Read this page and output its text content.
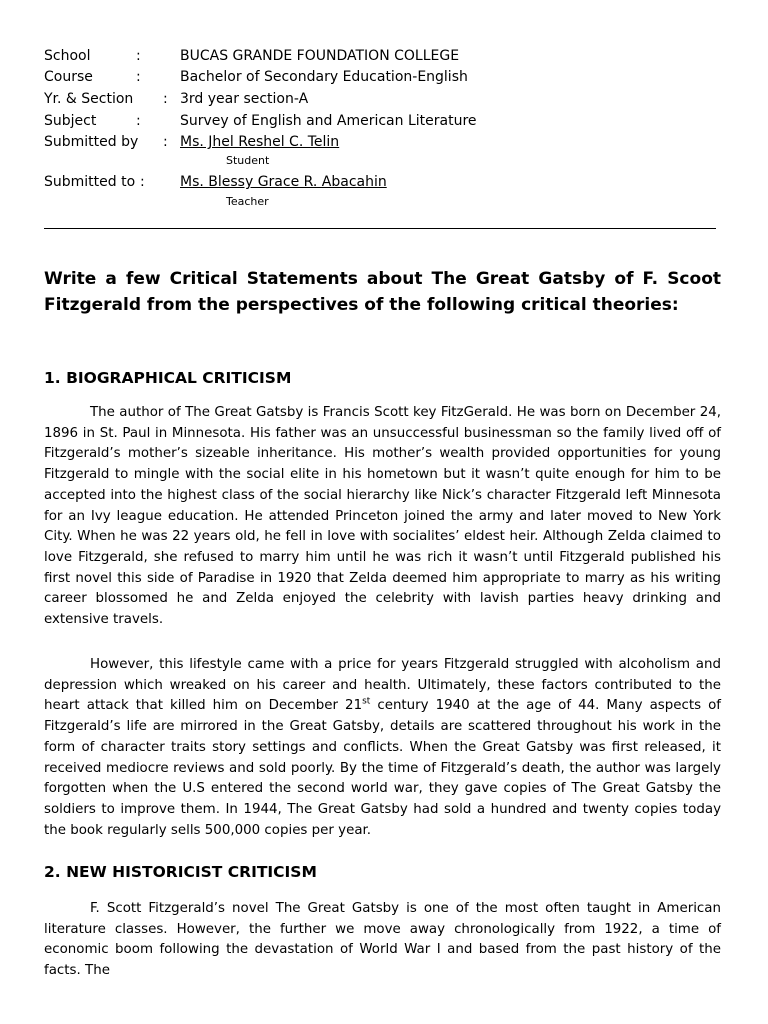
School	:	BUCAS GRANDE FOUNDATION COLLEGE
Course	:	Bachelor of Secondary Education-English
Yr. & Section : 3rd year section-A
Subject	:	Survey of English and American Literature
Submitted by : Ms. Jhel Reshel C. Telin
Student
Submitted to :	Ms. Blessy Grace R. Abacahin
Teacher
Write a few Critical Statements about The Great Gatsby of F. Scoot Fitzgerald from the perspectives of the following critical theories:
1. BIOGRAPHICAL CRITICISM
The author of The Great Gatsby is Francis Scott key FitzGerald. He was born on December 24, 1896 in St. Paul in Minnesota. His father was an unsuccessful businessman so the family lived off of Fitzgerald’s mother’s sizeable inheritance. His mother’s wealth provided opportunities for young Fitzgerald to mingle with the social elite in his hometown but it wasn’t quite enough for him to be accepted into the highest class of the social hierarchy like Nick’s character Fitzgerald left Minnesota for an Ivy league education. He attended Princeton joined the army and later moved to New York City. When he was 22 years old, he fell in love with socialites’ eldest heir. Although Zelda claimed to love Fitzgerald, she refused to marry him until he was rich it wasn’t until Fitzgerald published his first novel this side of Paradise in 1920 that Zelda deemed him appropriate to marry as his writing career blossomed he and Zelda enjoyed the celebrity with lavish parties heavy drinking and extensive travels.
However, this lifestyle came with a price for years Fitzgerald struggled with alcoholism and depression which wreaked on his career and health. Ultimately, these factors contributed to the heart attack that killed him on December 21st century 1940 at the age of 44. Many aspects of Fitzgerald’s life are mirrored in the Great Gatsby, details are scattered throughout his work in the form of character traits story settings and conflicts. When the Great Gatsby was first released, it received mediocre reviews and sold poorly. By the time of Fitzgerald’s death, the author was largely forgotten when the U.S entered the second world war, they gave copies of The Great Gatsby the soldiers to improve them. In 1944, The Great Gatsby had sold a hundred and twenty copies today the book regularly sells 500,000 copies per year.
2. NEW HISTORICIST CRITICISM
F. Scott Fitzgerald’s novel The Great Gatsby is one of the most often taught in American literature classes. However, the further we move away chronologically from 1922, a time of economic boom following the devastation of World War I and based from the past history of the facts. The
